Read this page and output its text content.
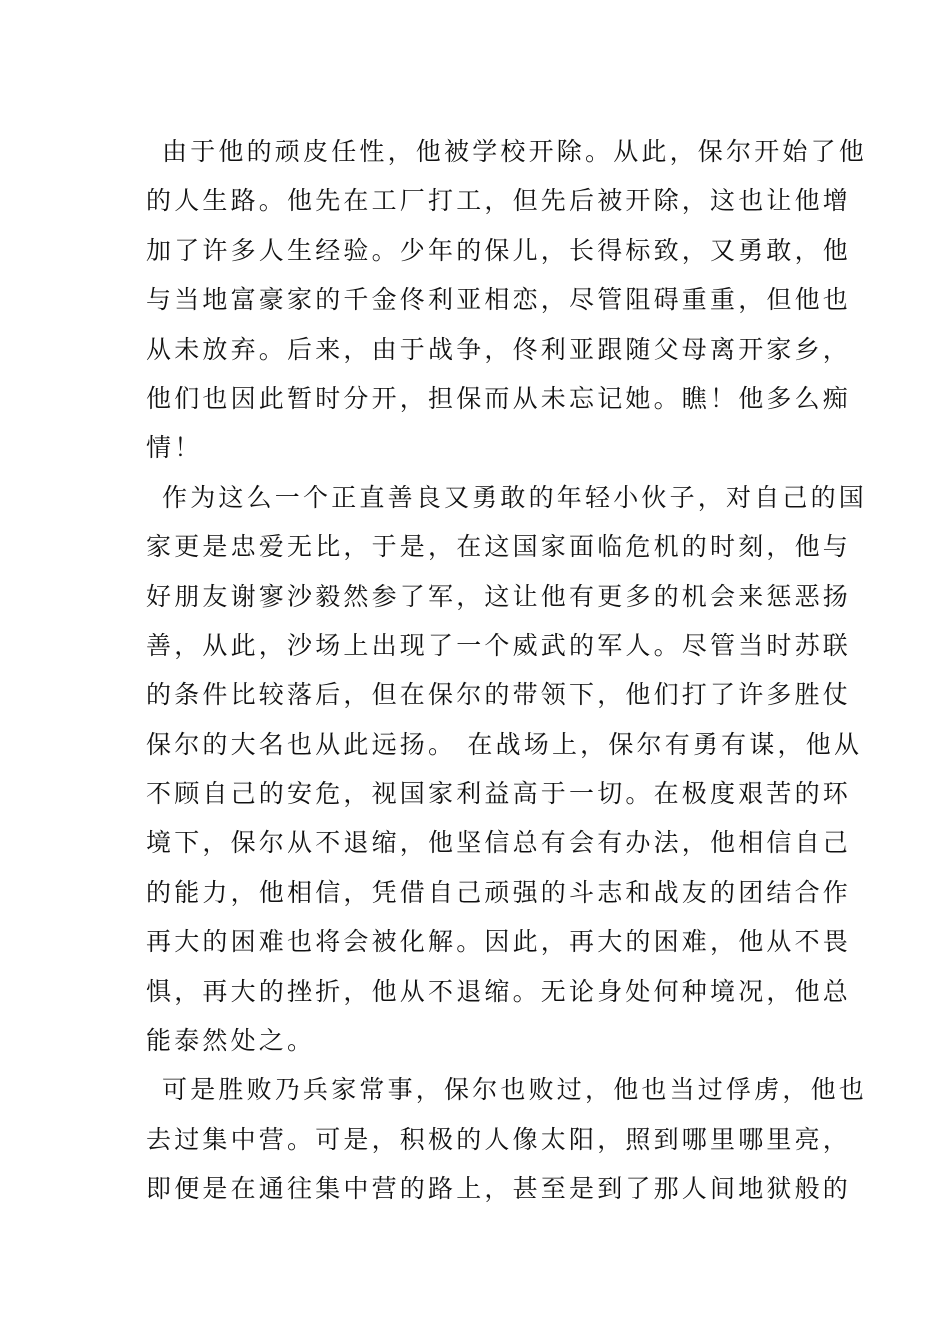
由于他的顽皮任性，他被学校开除。从此，保尔开始了他
的人生路。他先在工厂打工，但先后被开除，这也让他增
加了许多人生经验。少年的保儿，长得标致，又勇敢，他
与当地富豪家的千金佟利亚相恋，尽管阻碍重重，但他也
从未放弃。后来，由于战争，佟利亚跟随父母离开家乡，
他们也因此暂时分开，担保而从未忘记她。瞧！他多么痴
情！
作为这么一个正直善良又勇敢的年轻小伙子，对自己的国
家更是忠爱无比，于是，在这国家面临危机的时刻，他与
好朋友谢寥沙毅然参了军，这让他有更多的机会来惩恶扬
善，从此，沙场上出现了一个威武的军人。尽管当时苏联
的条件比较落后，但在保尔的带领下，他们打了许多胜仗
保尔的大名也从此远扬。 在战场上，保尔有勇有谋，他从
不顾自己的安危，视国家利益高于一切。在极度艰苦的环
境下，保尔从不退缩，他坚信总有会有办法，他相信自己
的能力，他相信，凭借自己顽强的斗志和战友的团结合作
再大的困难也将会被化解。因此，再大的困难，他从不畏
惧，再大的挫折，他从不退缩。无论身处何种境况，他总
能泰然处之。
可是胜败乃兵家常事，保尔也败过，他也当过俘虏，他也
去过集中营。可是，积极的人像太阳，照到哪里哪里亮，
即便是在通往集中营的路上，甚至是到了那人间地狱般的
